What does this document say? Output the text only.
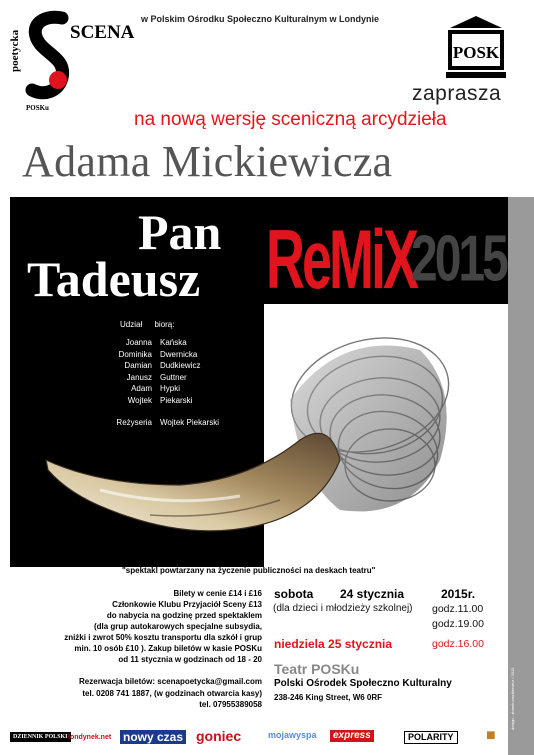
poetycka
POSKu
SCENA
w Polskim Ośrodku Społeczno Kulturalnym w Londynie
POSK
zaprasza
na nową wersję sceniczną arcydzieła
Adama Mickiewicza
Pan
Tadeusz ReMiX
2015
Udział biorą:
Joanna	Kańska
Dominika	Dwernicka
Damian	Dudkiewicz
Janusz	Guttner
Adam	Hypki
Wojtek	Piekarski
Reżyseria	Wojtek Piekarski
"spektakl powtarzany na życzenie publiczności na deskach teatru"
Bilety w cenie £14 i £16
Członkowie Klubu Przyjaciół Sceny £13
do nabycia na godzinę przed spektaklem
(dla grup autokarowych specjalne subsydia,
zniżki i zwrot 50% kosztu transportu dla szkół i grup
min. 10 osób £10 ). Zakup biletów w kasie POSKu
od 11 stycznia w godzinach od 18 - 20
Rezerwacja biletów: scenapoetycka@gmail.com
tel. 0208 741 1887, (w godzinach otwarcia kasy)
tel. 07955389058
sobota 24 stycznia	2015r.
(dla dzieci i młodzieży szkolnej) godz.11.00
godz.19.00
niedziela 25 stycznia	godz.16.00
Teatr POSKu
Polski Ośrodek Społeczno Kulturalny
238-246 King Street, W6 0RF	design - zbarek.mroźkiewicz / 2015
DZIENNIK POLSKI londynek.net nowy czas goniec	mojawyspa	express	POLARITY ■
